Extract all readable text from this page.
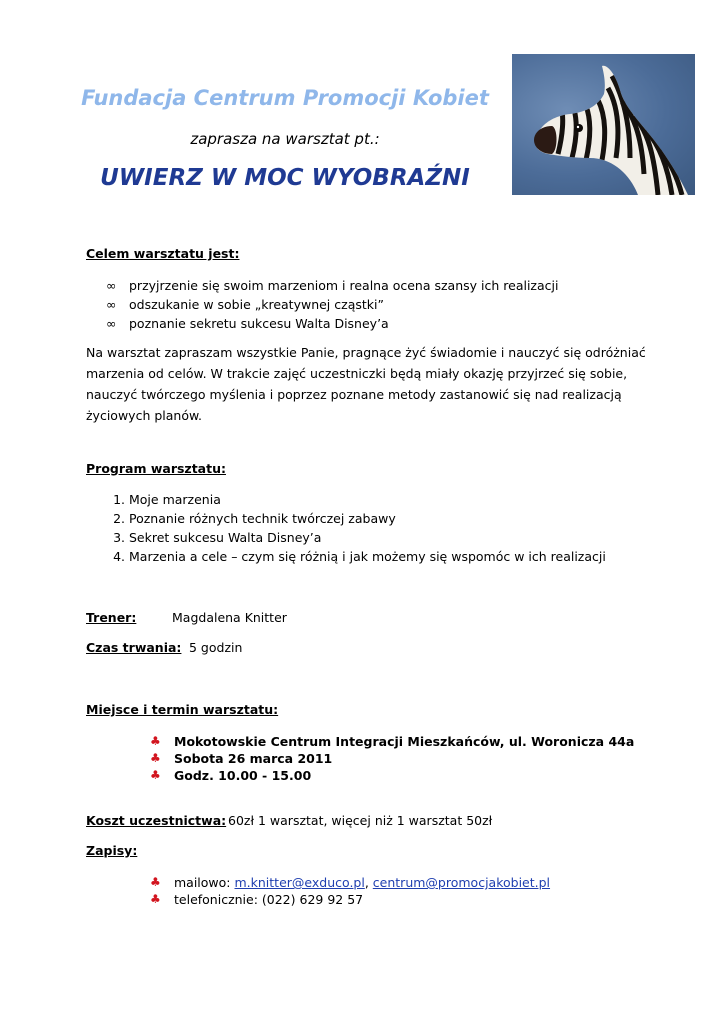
Fundacja Centrum Promocji Kobiet
zaprasza na warsztat pt.:
UWIERZ W MOC WYOBRAŹNI
Celem warsztatu jest:
∞ przyjrzenie się swoim marzeniom i realna ocena szansy ich realizacji
∞ odszukanie w sobie „kreatywnej cząstki”
∞ poznanie sekretu sukcesu Walta Disney’a
Na warsztat zapraszam wszystkie Panie, pragnące żyć świadomie i nauczyć się odróżniać
marzenia od celów. W trakcie zajęć uczestniczki będą miały okazję przyjrzeć się sobie,
nauczyć twórczego myślenia i poprzez poznane metody zastanowić się nad realizacją
życiowych planów.
Program warsztatu:
1. Moje marzenia
2. Poznanie różnych technik twórczej zabawy
3. Sekret sukcesu Walta Disney’a
4. Marzenia a cele – czym się różnią i jak możemy się wspomóc w ich realizacji
Trener:	Magdalena Knitter
Czas trwania: 5 godzin
Miejsce i termin warsztatu:
♣ Mokotowskie Centrum Integracji Mieszkańców, ul. Woronicza 44a
♣ Sobota 26 marca 2011
♣ Godz. 10.00 - 15.00
Koszt uczestnictwa: 60zł 1 warsztat, więcej niż 1 warsztat 50zł
Zapisy:
♣ mailowo: m.knitter@exduco.pl, centrum@promocjakobiet.pl
♣ telefonicznie: (022) 629 92 57
